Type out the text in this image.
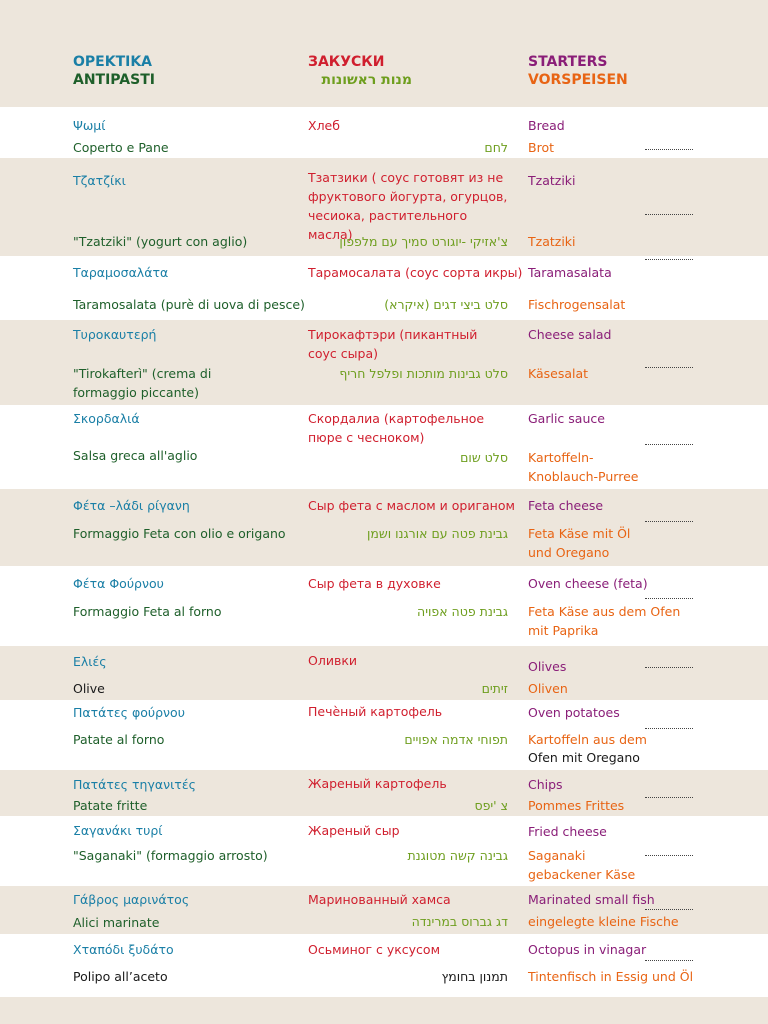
ΟΡΕΚΤΙΚΑ
ANTIPASTI
ЗАКУСКИ
מנות ראשונות
STARTERS
VORSPEISEN
Ψωμί
Coperto e Pane
Хлеб
לחם
Bread
Brot
Τζατζίκι
"Tzatziki" (yogurt con aglio)
Тзатзики ( соус готовят из не фруктового йогурта, огурцов, чесиока, растительного масла)
צ'אזיקי -יוגורט סמיך עם מלפפון
Tzatziki
Tzatziki
Ταραμοσαλάτα
Taramosalata (purè di uova di pesce)
Тарамосалата (соус сорта икры)
סלט ביצי דגים (איקרא)
Taramasalata
Fischrogensalat
Τυροκαυτερή
"Tirokafterì" (crema di formaggio piccante)
Тирокафтэри (пикантный соус сыра)
סלט גבינות מותכות ופלפל חריף
Cheese salad
Käsesalat
Σκορδαλιά
Salsa greca all'aglio
Скордалиа (картофельное пюре с чесноком)
סלט שום
Garlic sauce
Kartoffeln-Knoblauch-Purree
Φέτα –λάδι ρίγανη
Formaggio Feta con olio e origano
Сыр фета с маслом и ориганом
גבינת פטה עם אורגנו ושמן
Feta cheese
Feta Käse mit Öl und Oregano
Φέτα Φούρνου
Formaggio Feta al forno
Сыр фета в духовке
גבינת פטה אפויה
Oven cheese (feta)
Feta Käse aus dem Ofen mit Paprika
Ελιές
Olive
Оливки
זיתים
Olives
Oliven
Πατάτες φούρνου
Patate al forno
Печѐный картофель
תפוחי אדמה אפויים
Oven potatoes
Kartoffeln aus dem
Ofen mit Oregano
Πατάτες τηγανιτές
Patate fritte
Жареный картофель
צ 'יפס
Chips
Pommes Frittes
Σαγανάκι τυρί
"Saganaki" (formaggio arrosto)
Жареный сыр
גבינה קשה מטוגנת
Fried cheese
Saganaki gebackener Käse
Γάβρος μαρινάτος
Alici marinate
Маринованный хамса
דג גברוס במרינדה
Marinated small fish
eingelegte kleine Fische
Χταπόδι ξυδάτο
Polipo all’aceto
Осьминог с уксусом
תמנון בחומץ
Octopus in vinagar
Tintenfisch in Essig und Öl
